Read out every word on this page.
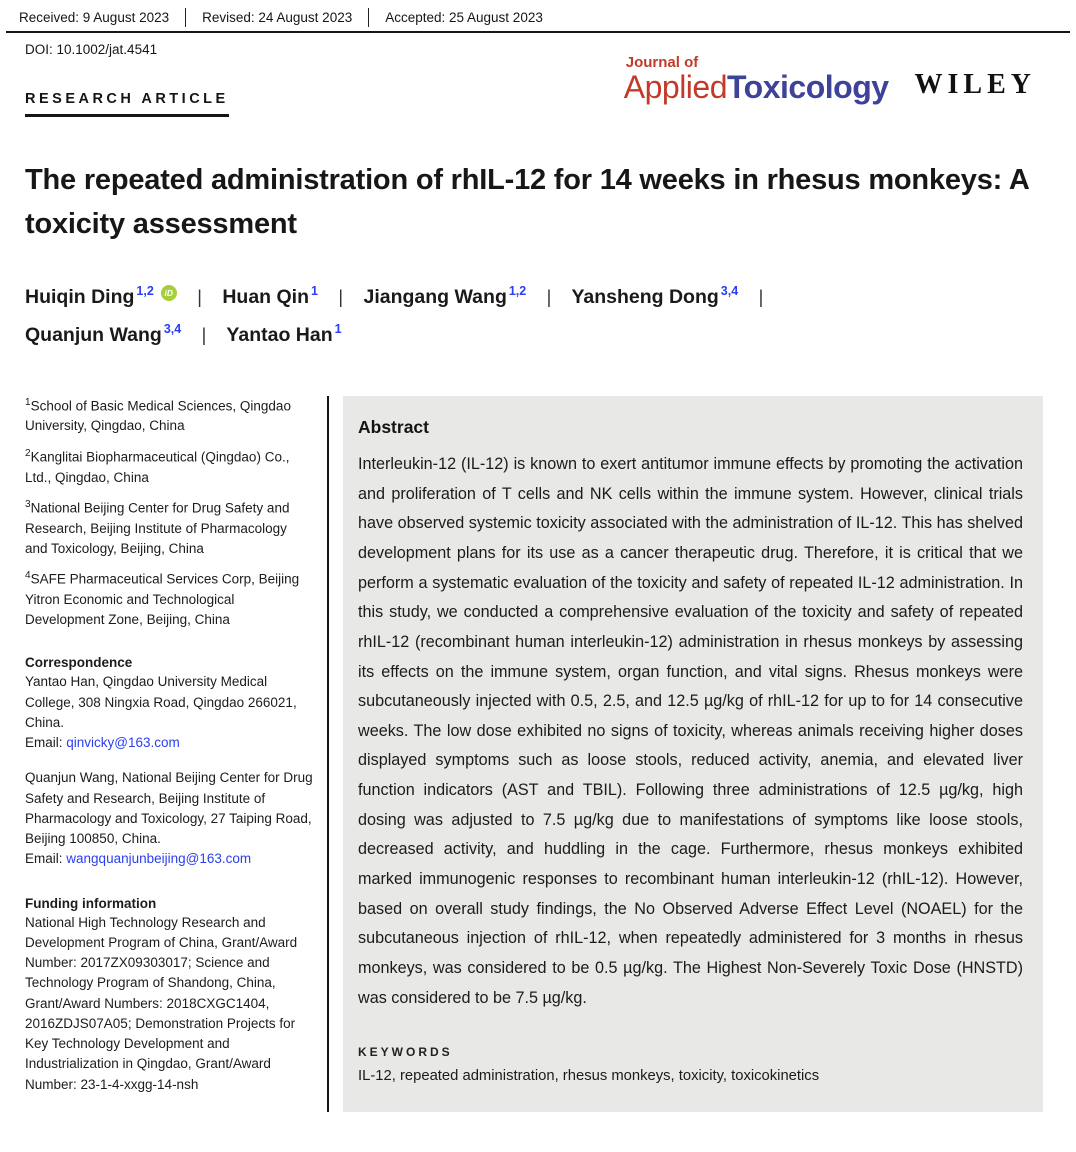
Received: 9 August 2023	Revised: 24 August 2023	Accepted: 25 August 2023
DOI: 10.1002/jat.4541
Journal of
AppliedToxicology WILEY
RESEARCH ARTICLE
The repeated administration of rhIL-12 for 14 weeks in rhesus monkeys: A toxicity assessment
Huiqin Ding $^{1,2}$ iD | Huan Qin $^1$ | Jiangang Wang $^{1,2}$ | Yansheng Dong $^{3,4}$ |
Quanjun Wang $^{3,4}$ | Yantao Han $^1$

$^1$School of Basic Medical Sciences, Qingdao University, Qingdao, China

$^2$Kanglitai Biopharmaceutical (Qingdao) Co., Ltd., Qingdao, China

$^3$National Beijing Center for Drug Safety and Research, Beijing Institute of Pharmacology and Toxicology, Beijing, China

$^4$SAFE Pharmaceutical Services Corp, Beijing Yitron Economic and Technological Development Zone, Beijing, China

Correspondence
Yantao Han, Qingdao University Medical College, 308 Ningxia Road, Qingdao 266021, China.
Email: qinvicky@163.com
Quanjun Wang, National Beijing Center for Drug Safety and Research, Beijing Institute of Pharmacology and Toxicology, 27 Taiping Road, Beijing 100850, China.
Email: wangquanjunbeijing@163.com
Funding information
National High Technology Research and Development Program of China, Grant/Award Number: 2017ZX09303017; Science and Technology Program of Shandong, China, Grant/Award Numbers: 2018CXGC1404, 2016ZDJS07A05; Demonstration Projects for Key Technology Development and Industrialization in Qingdao, Grant/Award Number: 23-1-4-xxgg-14-nsh
Abstract

Interleukin-12 (IL-12) is known to exert antitumor immune effects by promoting the activation and proliferation of T cells and NK cells within the immune system. However, clinical trials have observed systemic toxicity associated with the administration of IL-12. This has shelved development plans for its use as a cancer therapeutic drug. Therefore, it is critical that we perform a systematic evaluation of the toxicity and safety of repeated IL-12 administration. In this study, we conducted a comprehensive evaluation of the toxicity and safety of repeated rhIL-12 (recombinant human interleukin-12) administration in rhesus monkeys by assessing its effects on the immune system, organ function, and vital signs. Rhesus monkeys were subcutaneously injected with 0.5, 2.5, and 12.5 µg/kg of rhIL-12 for up to for 14 consecutive weeks. The low dose exhibited no signs of toxicity, whereas animals receiving higher doses displayed symptoms such as loose stools, reduced activity, anemia, and elevated liver function indicators (AST and TBIL). Following three administrations of 12.5 µg/kg, high dosing was adjusted to 7.5 µg/kg due to manifestations of symptoms like loose stools, decreased activity, and huddling in the cage. Furthermore, rhesus monkeys exhibited marked immunogenic responses to recombinant human interleukin-12 (rhIL-12). However, based on overall study findings, the No Observed Adverse Effect Level (NOAEL) for the subcutaneous injection of rhIL-12, when repeatedly administered for 3 months in rhesus monkeys, was considered to be 0.5 µg/kg. The Highest Non-Severely Toxic Dose (HNSTD) was considered to be 7.5 µg/kg.

KEYWORDS
IL-12, repeated administration, rhesus monkeys, toxicity, toxicokinetics
